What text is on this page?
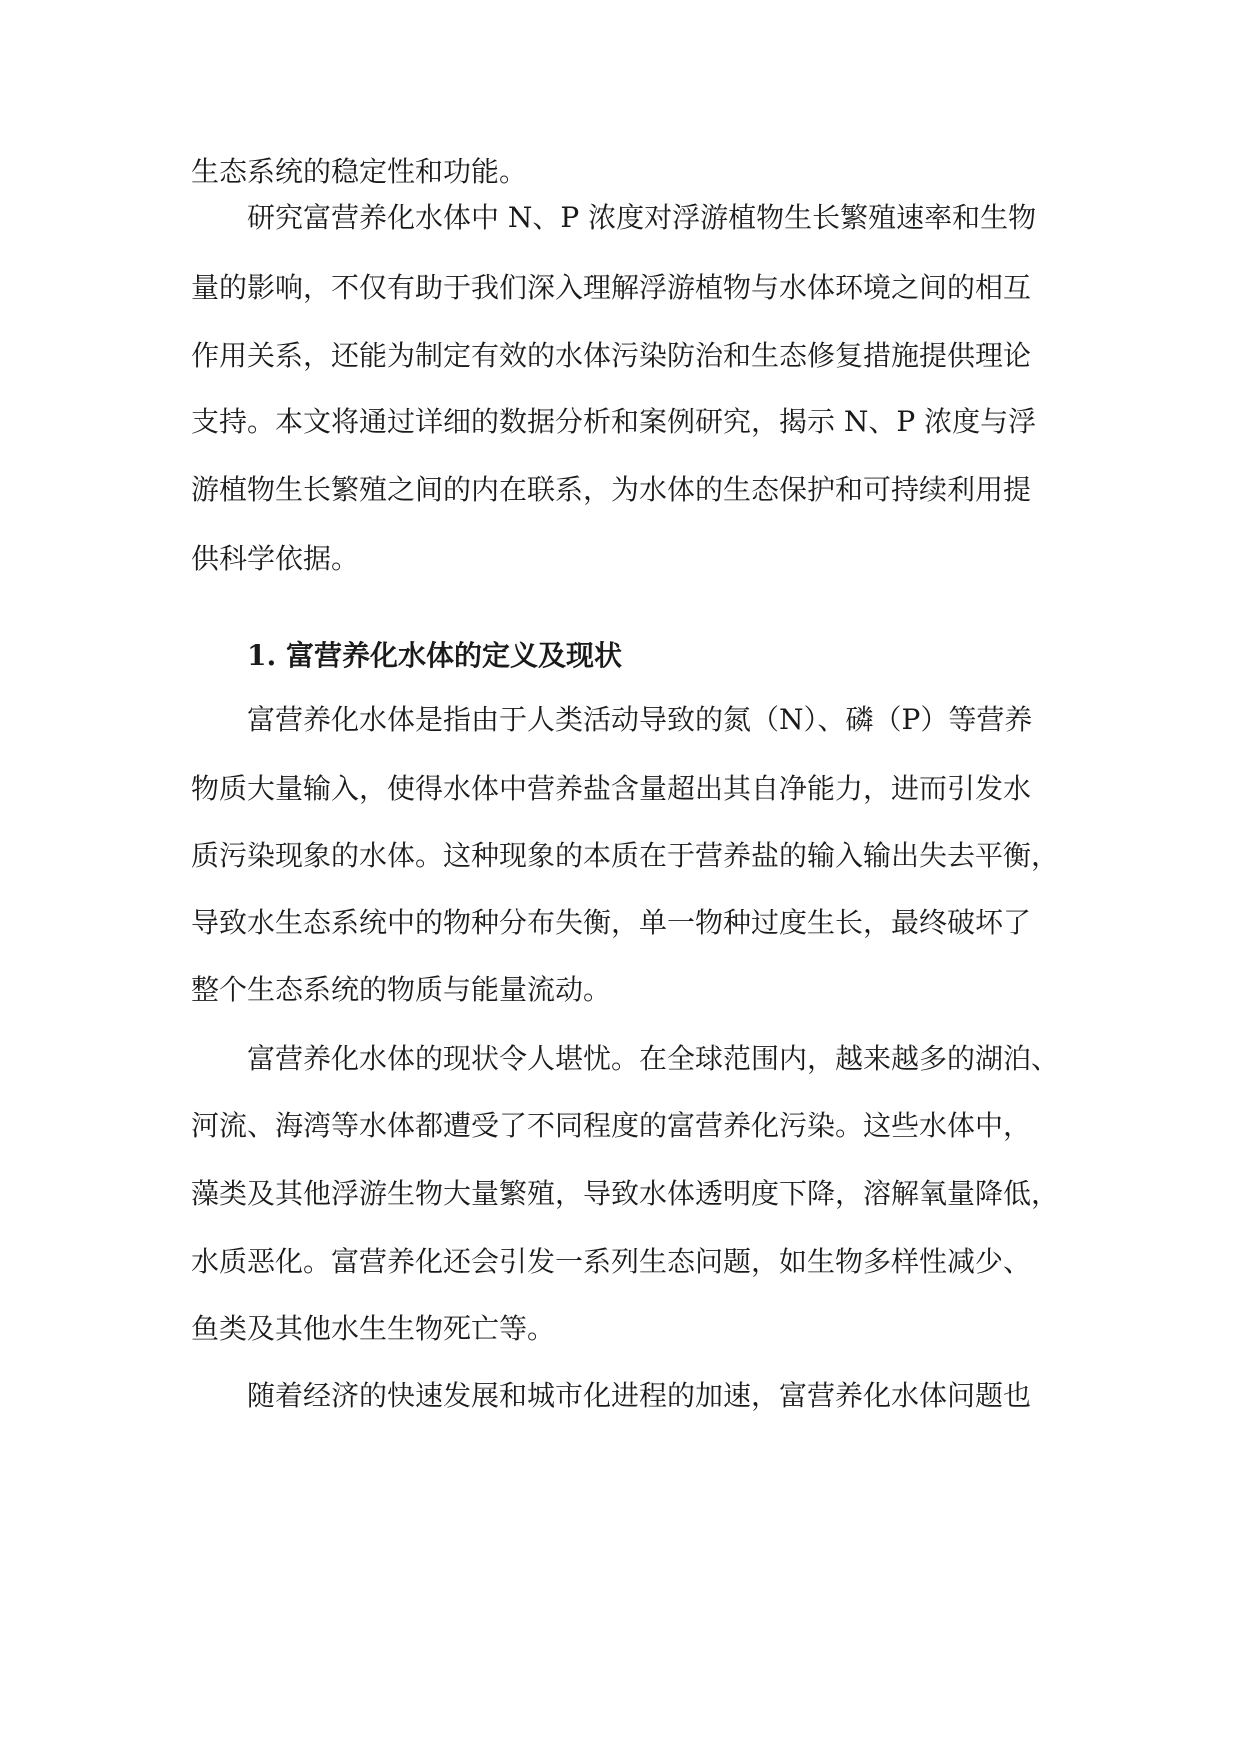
生态系统的稳定性和功能。
研究富营养化水体中 N、P 浓度对浮游植物生长繁殖速率和生物
量的影响，不仅有助于我们深入理解浮游植物与水体环境之间的相互
作用关系，还能为制定有效的水体污染防治和生态修复措施提供理论
支持。本文将通过详细的数据分析和案例研究，揭示 N、P 浓度与浮
游植物生长繁殖之间的内在联系，为水体的生态保护和可持续利用提
供科学依据。
1. 富营养化水体的定义及现状
富营养化水体是指由于人类活动导致的氮（N）、磷（P）等营养
物质大量输入，使得水体中营养盐含量超出其自净能力，进而引发水
质污染现象的水体。这种现象的本质在于营养盐的输入输出失去平衡，
导致水生态系统中的物种分布失衡，单一物种过度生长，最终破坏了
整个生态系统的物质与能量流动。
富营养化水体的现状令人堪忧。在全球范围内，越来越多的湖泊、
河流、海湾等水体都遭受了不同程度的富营养化污染。这些水体中，
藻类及其他浮游生物大量繁殖，导致水体透明度下降，溶解氧量降低，
水质恶化。富营养化还会引发一系列生态问题，如生物多样性减少、
鱼类及其他水生生物死亡等。
随着经济的快速发展和城市化进程的加速，富营养化水体问题也
